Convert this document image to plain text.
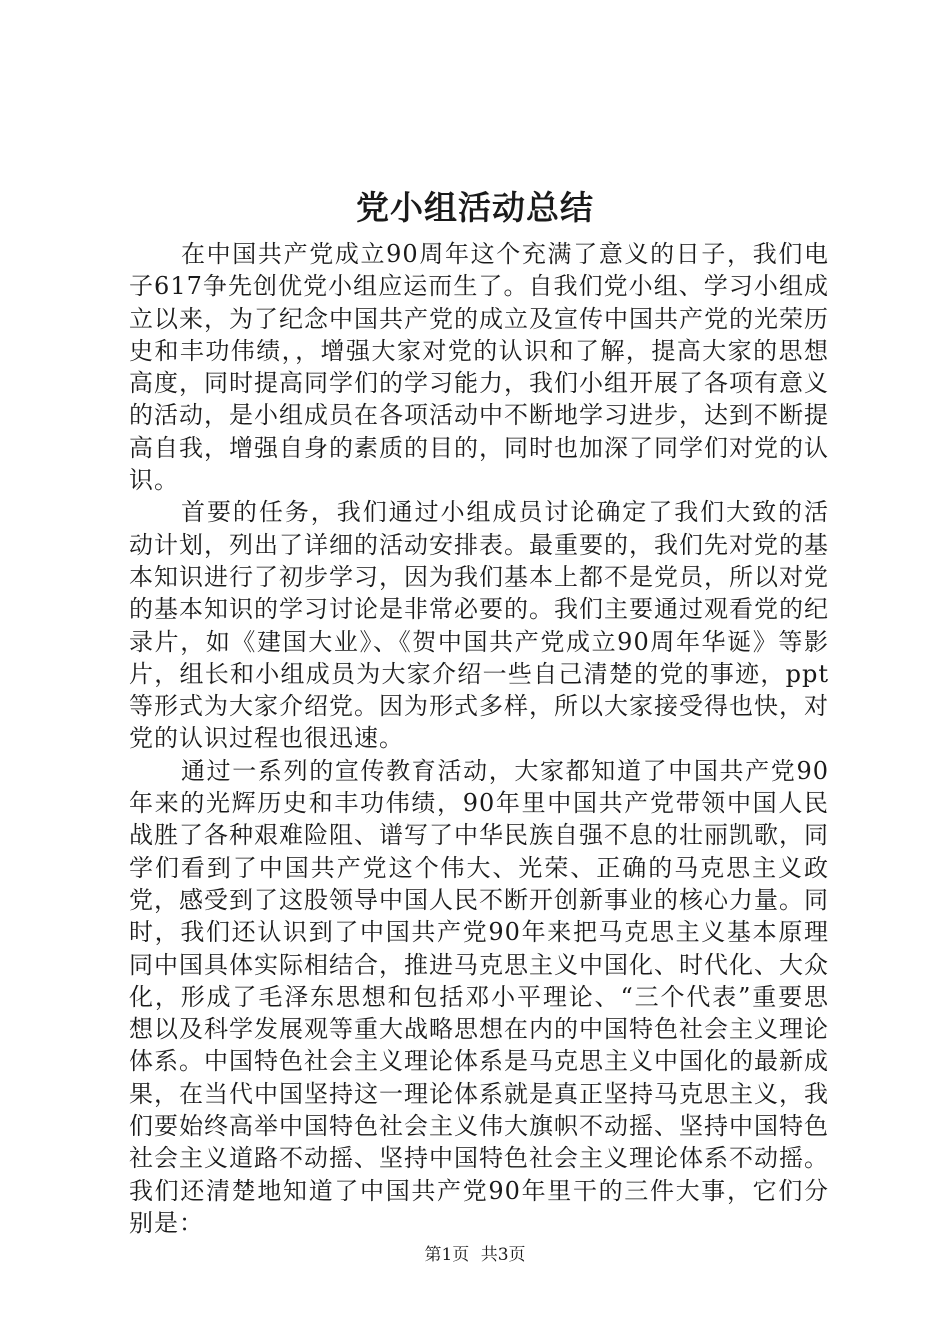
党小组活动总结

在中国共产党成立90周年这个充满了意义的日子，我们电子617争先创优党小组应运而生了。自我们党小组、学习小组成立以来，为了纪念中国共产党的成立及宣传中国共产党的光荣历史和丰功伟绩，，增强大家对党的认识和了解，提高大家的思想高度，同时提高同学们的学习能力，我们小组开展了各项有意义的活动，是小组成员在各项活动中不断地学习进步，达到不断提高自我，增强自身的素质的目的，同时也加深了同学们对党的认识。

首要的任务，我们通过小组成员讨论确定了我们大致的活动计划，列出了详细的活动安排表。最重要的，我们先对党的基本知识进行了初步学习，因为我们基本上都不是党员，所以对党的基本知识的学习讨论是非常必要的。我们主要通过观看党的纪录片，如《建国大业》、《贺中国共产党成立90周年华诞》等影片，组长和小组成员为大家介绍一些自己清楚的党的事迹，ppt等形式为大家介绍党。因为形式多样，所以大家接受得也快，对党的认识过程也很迅速。

通过一系列的宣传教育活动，大家都知道了中国共产党90年来的光辉历史和丰功伟绩，90年里中国共产党带领中国人民战胜了各种艰难险阻、谱写了中华民族自强不息的壮丽凯歌，同学们看到了中国共产党这个伟大、光荣、正确的马克思主义政党，感受到了这股领导中国人民不断开创新事业的核心力量。同时，我们还认识到了中国共产党90年来把马克思主义基本原理同中国具体实际相结合，推进马克思主义中国化、时代化、大众化，形成了毛泽东思想和包括邓小平理论、“三个代表”重要思想以及科学发展观等重大战略思想在内的中国特色社会主义理论体系。中国特色社会主义理论体系是马克思主义中国化的最新成果，在当代中国坚持这一理论体系就是真正坚持马克思主义，我们要始终高举中国特色社会主义伟大旗帜不动摇、坚持中国特色社会主义道路不动摇、坚持中国特色社会主义理论体系不动摇。我们还清楚地知道了中国共产党90年里干的三件大事，它们分别是：

第1页 共3页
